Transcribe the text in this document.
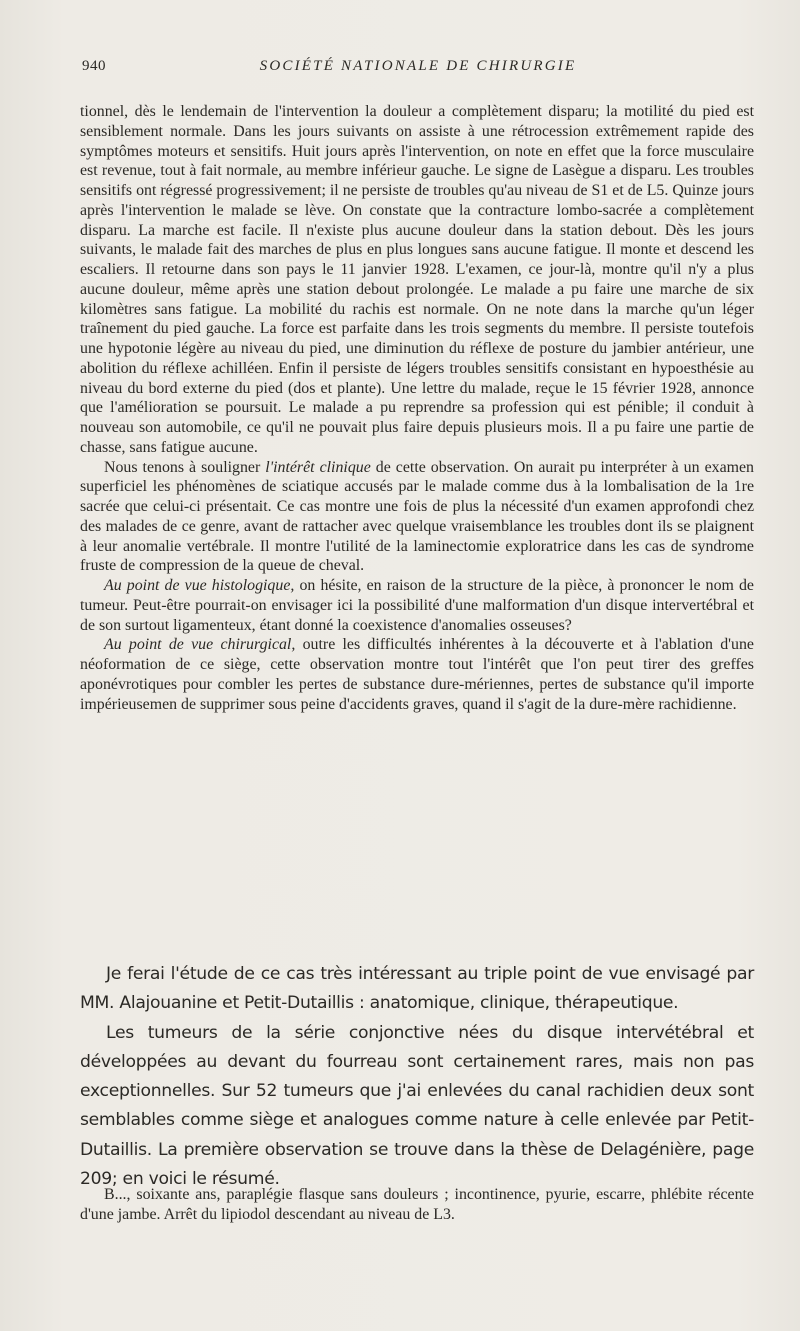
940	SOCIÉTÉ NATIONALE DE CHIRURGIE

tionnel, dès le lendemain de l'intervention la douleur a complètement disparu; la motilité du pied est sensiblement normale. Dans les jours suivants on assiste à une rétrocession extrêmement rapide des symptômes moteurs et sensitifs. Huit jours après l'intervention, on note en effet que la force musculaire est revenue, tout à fait normale, au membre inférieur gauche. Le signe de Lasègue a disparu. Les troubles sensitifs ont régressé progressivement; il ne persiste de troubles qu'au niveau de S1 et de L5. Quinze jours après l'intervention le malade se lève. On constate que la contracture lombo-sacrée a complètement disparu. La marche est facile. Il n'existe plus aucune douleur dans la station debout. Dès les jours suivants, le malade fait des marches de plus en plus longues sans aucune fatigue. Il monte et descend les escaliers. Il retourne dans son pays le 11 janvier 1928. L'examen, ce jour-là, montre qu'il n'y a plus aucune douleur, même après une station debout prolongée. Le malade a pu faire une marche de six kilomètres sans fatigue. La mobilité du rachis est normale. On ne note dans la marche qu'un léger traînement du pied gauche. La force est parfaite dans les trois segments du membre. Il persiste toutefois une hypotonie légère au niveau du pied, une diminution du réflexe de posture du jambier antérieur, une abolition du réflexe achilléen. Enfin il persiste de légers troubles sensitifs consistant en hypoesthésie au niveau du bord externe du pied (dos et plante). Une lettre du malade, reçue le 15 février 1928, annonce que l'amélioration se poursuit. Le malade a pu reprendre sa profession qui est pénible; il conduit à nouveau son automobile, ce qu'il ne pouvait plus faire depuis plusieurs mois. Il a pu faire une partie de chasse, sans fatigue aucune.

Nous tenons à souligner l'intérêt clinique de cette observation. On aurait pu interpréter à un examen superficiel les phénomènes de sciatique accusés par le malade comme dus à la lombalisation de la 1re sacrée que celui-ci présentait. Ce cas montre une fois de plus la nécessité d'un examen approfondi chez des malades de ce genre, avant de rattacher avec quelque vraisemblance les troubles dont ils se plaignent à leur anomalie vertébrale. Il montre l'utilité de la laminectomie exploratrice dans les cas de syndrome fruste de compression de la queue de cheval.

Au point de vue histologique, on hésite, en raison de la structure de la pièce, à prononcer le nom de tumeur. Peut-être pourrait-on envisager ici la possibilité d'une malformation d'un disque intervertébral et de son surtout ligamenteux, étant donné la coexistence d'anomalies osseuses?

Au point de vue chirurgical, outre les difficultés inhérentes à la découverte et à l'ablation d'une néoformation de ce siège, cette observation montre tout l'intérêt que l'on peut tirer des greffes aponévrotiques pour combler les pertes de substance dure-mériennes, pertes de substance qu'il importe impérieusemen de supprimer sous peine d'accidents graves, quand il s'agit de la dure-mère rachidienne.

Je ferai l'étude de ce cas très intéressant au triple point de vue envisagé par MM. Alajouanine et Petit-Dutaillis : anatomique, clinique, thérapeutique.

Les tumeurs de la série conjonctive nées du disque intervétébral et développées au devant du fourreau sont certainement rares, mais non pas exceptionnelles. Sur 52 tumeurs que j'ai enlevées du canal rachidien deux sont semblables comme siège et analogues comme nature à celle enlevée par Petit-Dutaillis. La première observation se trouve dans la thèse de Delagénière, page 209; en voici le résumé.

B..., soixante ans, paraplégie flasque sans douleurs ; incontinence, pyurie, escarre, phlébite récente d'une jambe. Arrêt du lipiodol descendant au niveau de L3.
